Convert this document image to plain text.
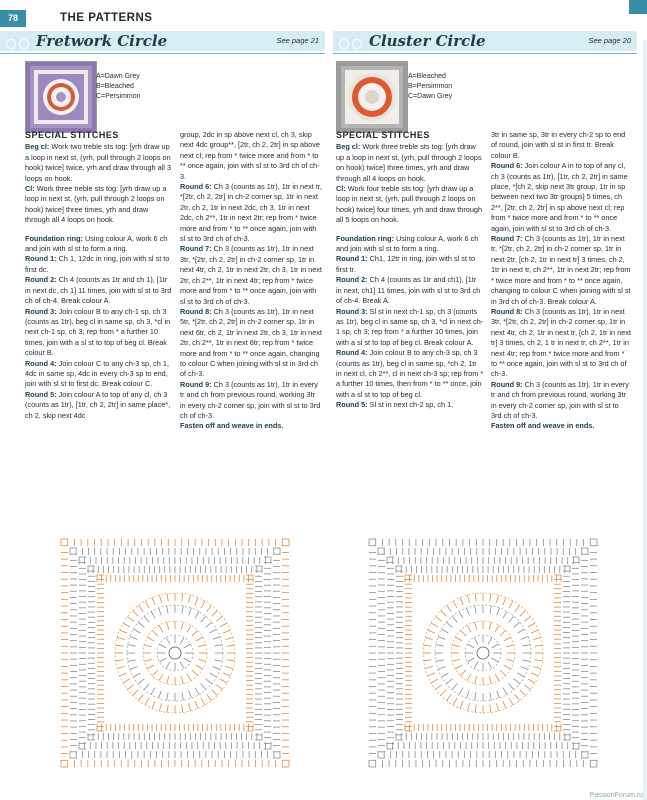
78	THE PATTERNS
Fretwork Circle	See page 21
A=Dawn Grey
B=Bleached
C=Persimmon

SPECIAL STITCHES

Beg cl: Work two treble sts tog: [yrh draw up a loop in next st, (yrh, pull through 2 loops on hook) twice] twice, yrh and draw through all 3 loops on hook.

Cl: Work three treble sts tog: [yrh draw up a loop in next st, (yrh, pull through 2 loops on hook) twice] three times, yrh and draw through all 4 loops on hook.

Foundation ring: Using colour A, work 6 ch and join with sl st to form a ring.

Round 1: Ch 1, 12dc in ring, join with sl st to first dc.

Round 2: Ch 4 (counts as 1tr and ch 1), [1tr in next dc, ch 1] 11 times, join with sl st to 3rd ch of ch-4. Break colour A.

Round 3: Join colour B to any ch-1 sp, ch 3 (counts as 1tr), beg cl in same sp, ch 3, *cl in next ch-1 sp, ch 3; rep from * a further 10 times, join with a sl st to top of beg cl. Break colour B.

Round 4: Join colour C to any ch-3 sp, ch 1, 4dc in same sp, 4dc in every ch-3 sp to end, join with sl st to first dc. Break colour C.

Round 5: Join colour A to top of any cl, ch 3 (counts as 1tr), [1tr, ch 2, 2tr] in same place*, ch 2, skip next 4dc

group, 2dc in sp above next cl, ch 3, skip next 4dc group**, [2tr, ch 2, 2tr] in sp above next cl; rep from * twice more and from * to ** once again, join with sl st to 3rd ch of ch-3.

Round 6: Ch 3 (counts as 1tr), 1tr in next tr, *[2tr, ch 2, 2tr] in ch-2 corner sp, 1tr in next 2tr, ch 2, 1tr in next 2dc, ch 3, 1tr in next 2dc, ch 2**, 1tr in next 2tr; rep from * twice more and from * to ** once again, join with sl st to 3rd ch of ch-3.

Round 7: Ch 3 (counts as 1tr), 1tr in next 3tr, *[2tr, ch 2, 2tr] in ch-2 corner sp, 1tr in next 4tr, ch 2, 1tr in next 2tr, ch 3, 1tr in next 2tr, ch 2**, 1tr in next 4tr; rep from * twice more and from * to ** once again, join with sl st to 3rd ch of ch-3.

Round 8: Ch 3 (counts as 1tr), 1tr in next 5tr, *[2tr, ch 2, 2tr] in ch-2 corner sp, 1tr in next 6tr, ch 2, 1tr in next 2tr, ch 3, 1tr in next 2tr, ch 2**, 1tr in next 6tr; rep from * twice more and from * to ** once again, changing to colour C when joining with sl st in 3rd ch of ch-3.

Round 9: Ch 3 (counts as 1tr), 1tr in every tr and ch from previous round, working 3tr in every ch-2 corner sp, join with sl st to 3rd ch of ch-3.

Fasten off and weave in ends.

Cluster Circle	See page 20
A=Bleached
B=Persimmon
C=Dawn Grey

SPECIAL STITCHES

Beg cl: Work three treble sts tog: [yrh draw up a loop in next st, (yrh, pull through 2 loops on hook) twice] three times, yrh and draw through all 4 loops on hook.

Cl: Work four treble sts tog: [yrh draw up a loop in next st, (yrh, pull through 2 loops on hook) twice] four times, yrh and draw through all 5 loops on hook.

Foundation ring: Using colour A, work 6 ch and join with sl st to form a ring.

Round 1: Ch1, 12tr in ring, join with sl st to first tr.

Round 2: Ch 4 (counts as 1tr and ch1), [1tr in next, ch1] 11 times, join with sl st to 3rd ch of ch-4. Break A.

Round 3: Sl st in next ch-1 sp, ch 3 (counts as 1tr), beg cl in same sp, ch 3, *cl in next ch-1 sp, ch 3; rep from * a further 10 times, join with a sl st to top of beg cl. Break colour A.

Round 4: Join colour B to any ch-3 sp, ch 3 (counts as 1tr), beg cl in same sp, *ch 2, 1tr in next cl, ch 2**, cl in next ch-3 sp; rep from * a further 10 times, then from * to ** once, join with a sl st to top of beg cl.

Round 5: Sl st in next ch-2 sp, ch 1,

3tr in same sp, 3tr in every ch-2 sp to end of round, join with sl st in first tr. Break colour B.

Round 6: Join colour A in to top of any cl, ch 3 (counts as 1tr), [1tr, ch 2, 2tr] in same place, *[ch 2, skip next 3tr group, 1tr in sp between next two 3tr groups] 5 times, ch 2**, [2tr, ch 2, 2tr] in sp above next cl; rep from * twice more and from * to ** once again, join with sl st to 3rd ch of ch-3.

Round 7: Ch 3 (counts as 1tr), 1tr in next tr, *[2tr, ch 2, 2tr] in ch-2 corner sp, 1tr in next 2tr, [ch 2, 1tr in next tr] 3 times, ch 2, 1tr in next tr, ch 2**, 1tr in next 2tr; rep from * twice more and from * to ** once again, changing to colour C when joining with sl st in 3rd ch of ch-3. Break colour A.

Round 8: Ch 3 (counts as 1tr), 1tr in next 3tr, *[2tr, ch 2, 2tr] in ch-2 corner sp, 1tr in next 4tr, ch 2, 1tr in next tr, [ch 2, 1tr in next tr] 3 times, ch 2, 1 tr in next tr, ch 2**, 1tr in next 4tr; rep from * twice more and from * to ** once again, join with sl st to 3rd ch of ch-3.

Round 9: Ch 3 (counts as 1tr), 1tr in every tr and ch from previous round, working 3tr in every ch-2 corner sp, join with sl st to 3rd ch of ch-3.

Fasten off and weave in ends.

PassionForum.ru
